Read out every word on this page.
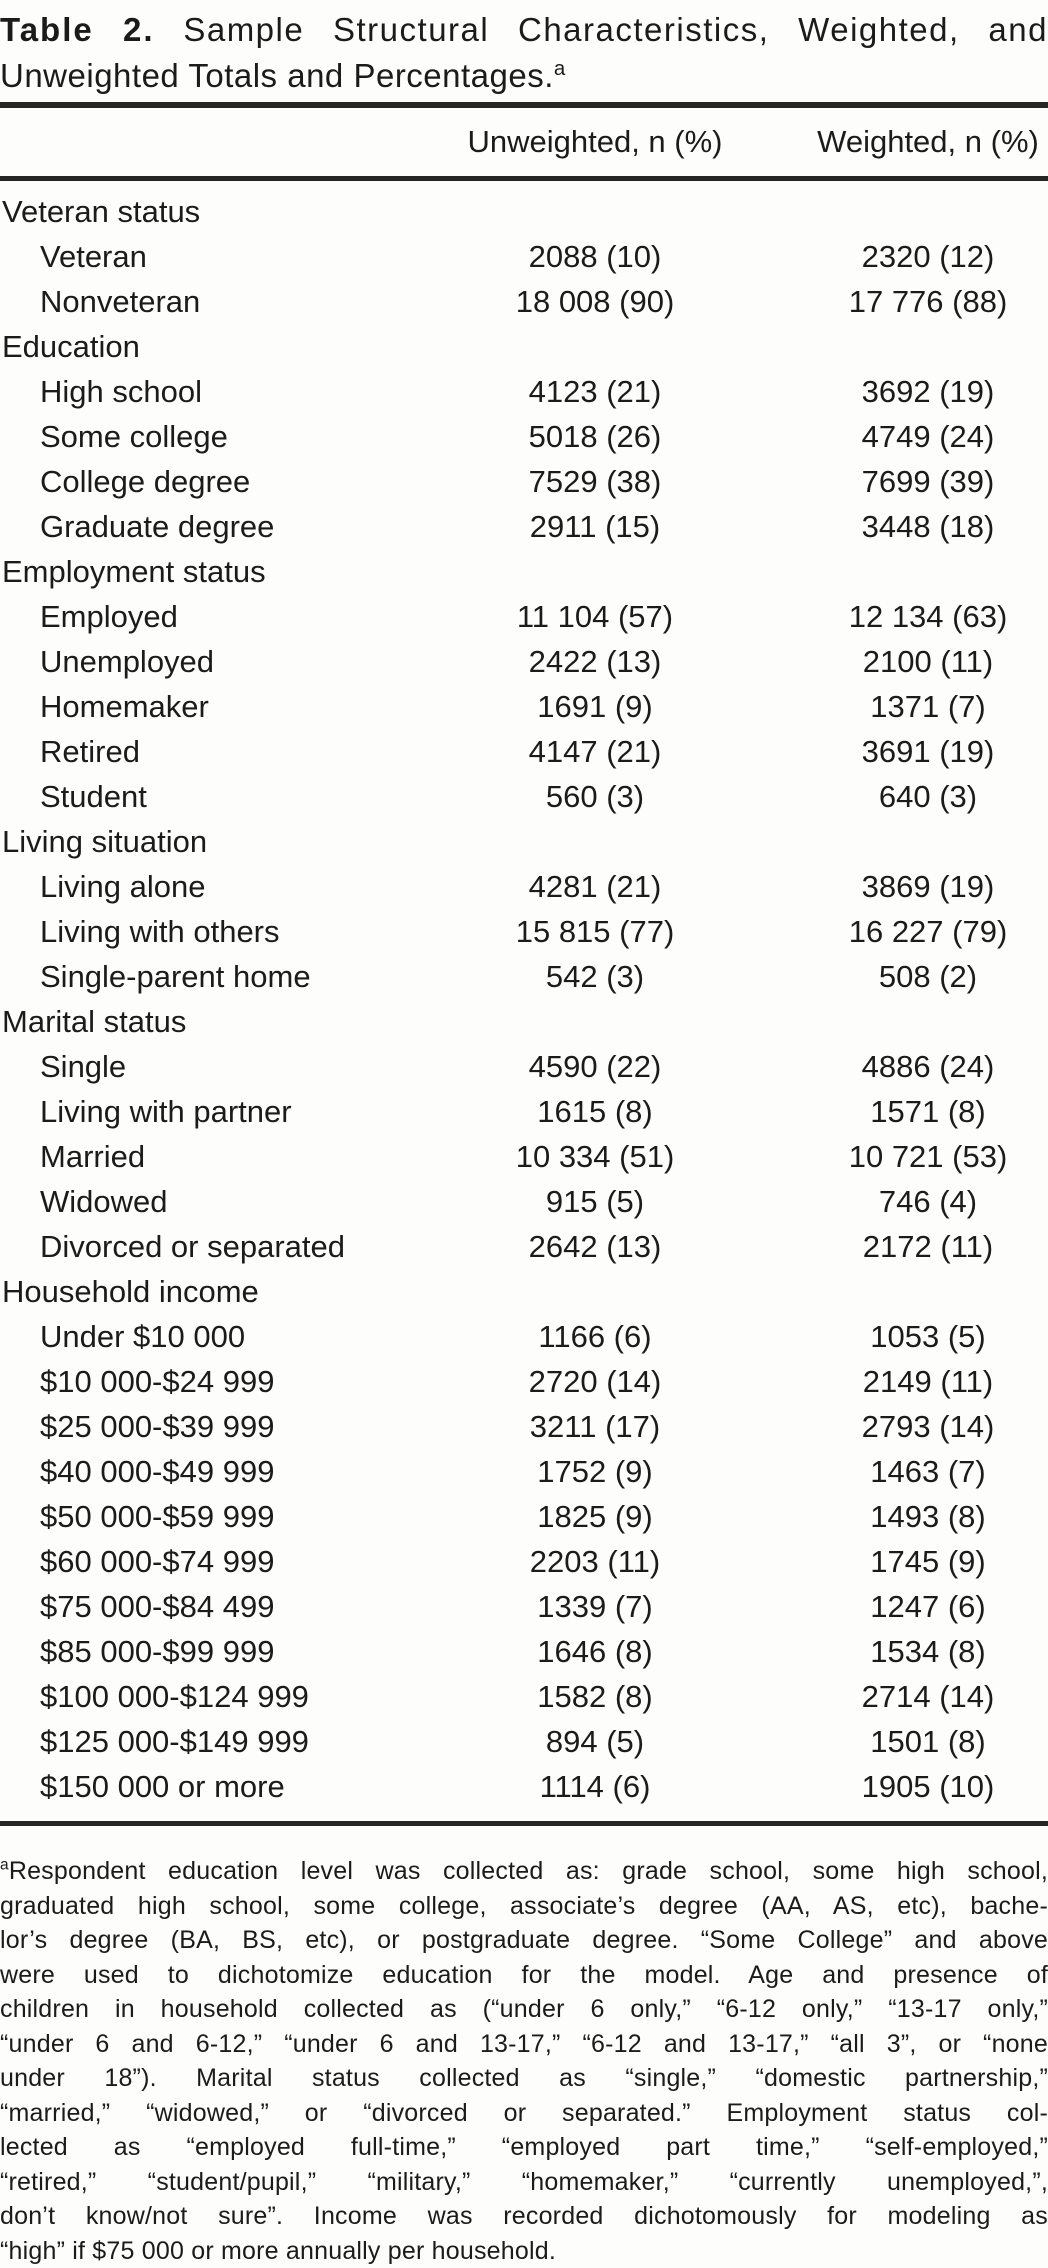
Table 2. Sample Structural Characteristics, Weighted, and
Unweighted Totals and Percentages.$^a$
Unweighted, n (%)	Weighted, n (%)
Veteran status
Veteran	2088 (10)	2320 (12)
Nonveteran	18 008 (90)	17 776 (88)
Education
High school	4123 (21)	3692 (19)
Some college	5018 (26)	4749 (24)
College degree	7529 (38)	7699 (39)
Graduate degree	2911 (15)	3448 (18)
Employment status
Employed	11 104 (57)	12 134 (63)
Unemployed	2422 (13)	2100 (11)
Homemaker	1691 (9)	1371 (7)
Retired	4147 (21)	3691 (19)
Student	560 (3)	640 (3)
Living situation
Living alone	4281 (21)	3869 (19)
Living with others	15 815 (77)	16 227 (79)
Single-parent home	542 (3)	508 (2)
Marital status
Single	4590 (22)	4886 (24)
Living with partner	1615 (8)	1571 (8)
Married	10 334 (51)	10 721 (53)
Widowed	915 (5)	746 (4)
Divorced or separated	2642 (13)	2172 (11)
Household income
Under $10 000	1166 (6)	1053 (5)
$10 000-$24 999	2720 (14)	2149 (11)
$25 000-$39 999	3211 (17)	2793 (14)
$40 000-$49 999	1752 (9)	1463 (7)
$50 000-$59 999	1825 (9)	1493 (8)
$60 000-$74 999	2203 (11)	1745 (9)
$75 000-$84 499	1339 (7)	1247 (6)
$85 000-$99 999	1646 (8)	1534 (8)
$100 000-$124 999	1582 (8)	2714 (14)
$125 000-$149 999	894 (5)	1501 (8)
$150 000 or more	1114 (6)	1905 (10)
$^a$Respondent education level was collected as: grade school, some high school,
graduated high school, some college, associate’s degree (AA, AS, etc), bache-
lor’s degree (BA, BS, etc), or postgraduate degree. “Some College” and above
were used to dichotomize education for the model. Age and presence of
children in household collected as (“under 6 only,” “6-12 only,” “13-17 only,”
“under 6 and 6-12,” “under 6 and 13-17,” “6-12 and 13-17,” “all 3”, or “none
under 18”). Marital status collected as “single,” “domestic partnership,”
“married,” “widowed,” or “divorced or separated.” Employment status col-
lected as “employed full-time,” “employed part time,” “self-employed,”
“retired,” “student/pupil,” “military,” “homemaker,” “currently unemployed,”,
don’t know/not sure”. Income was recorded dichotomously for modeling as
“high” if $75 000 or more annually per household.
